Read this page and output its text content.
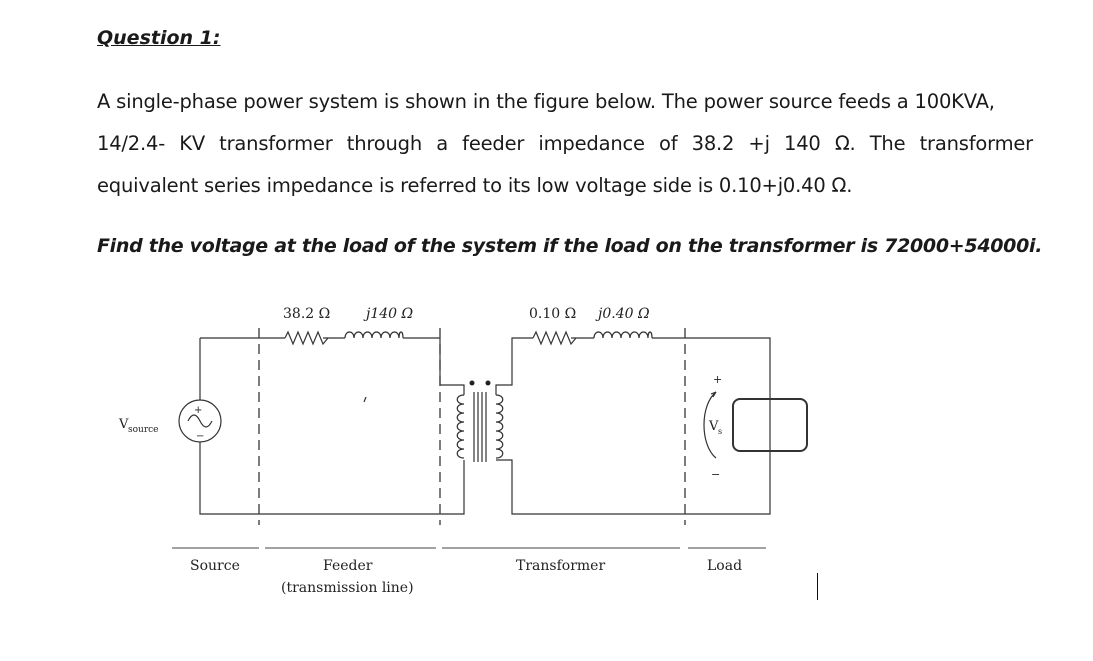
Question 1:
A single-phase power system is shown in the figure below. The power source feeds a 100KVA,
14/2.4- KV transformer through a feeder impedance of 38.2 +j 140 Ω. The transformer
equivalent series impedance is referred to its low voltage side is 0.10+j0.40 Ω.
Find the voltage at the load of the system if the load on the transformer is 72000+54000i.
38.2 Ω	j140 Ω	0.10 Ω j0.40 Ω
+
−
V source
+
V s
−
Source	Feeder
(transmission line)
Transformer	Load
